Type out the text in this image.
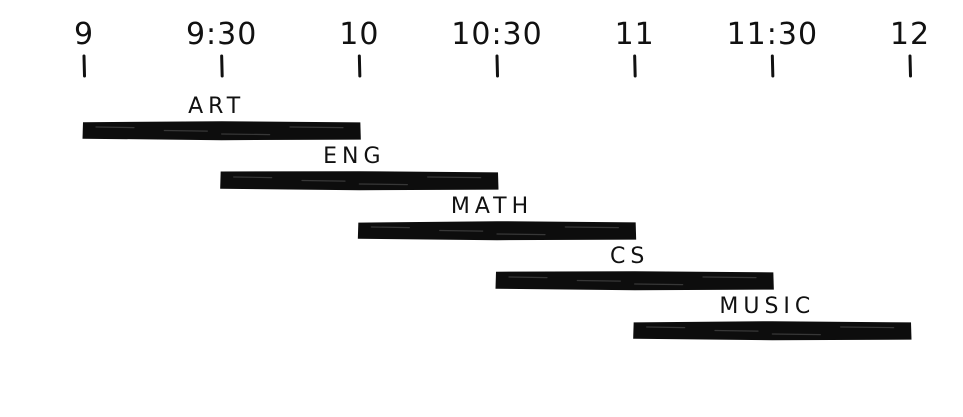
9	9:30	10 10:30 11 11:30 12
ART
ENG
MATH
CS
MUSIC
